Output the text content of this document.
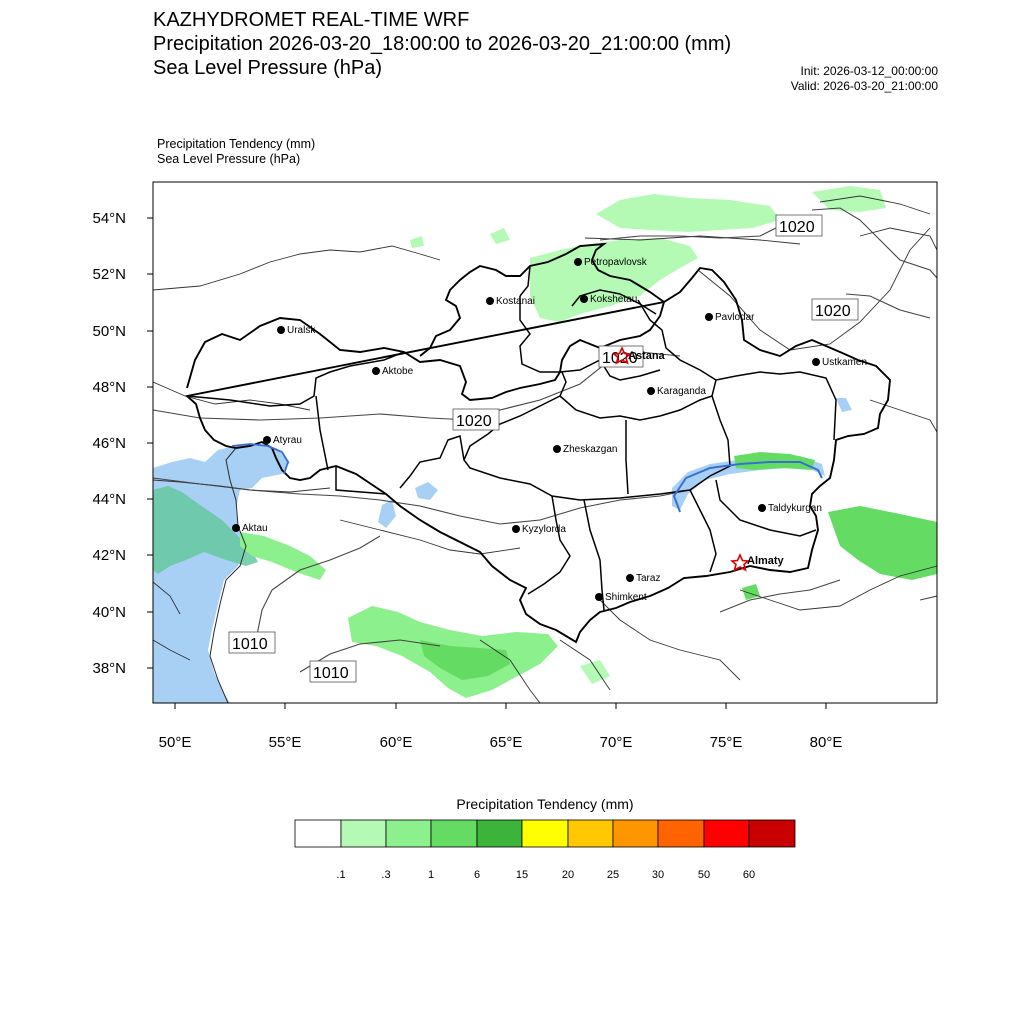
KAZHYDROMET REAL-TIME WRF
Precipitation 2026-03-20_18:00:00 to 2026-03-20_21:00:00 (mm)
Sea Level Pressure (hPa)	Init: 2026-03-12_00:00:00
Valid: 2026-03-20_21:00:00
Precipitation Tendency (mm)
Sea Level Pressure (hPa)
54°N
52°N
50°N
48°N
46°N
44°N
42°N
40°N
38°N
50°E	55°E	60°E	65°E	70°E	75°E	80°E
1020
1020
1020
1020
1010
1010
Petropavlovsk
Kostanai	Kokshetau
Pavlodar
Uralsk
Astana
Ustkamen
Aktobe
Karaganda
Atyrau
Zheskazgan
Taldykurgan
Aktau	Kyzylorda
Almaty
Taraz
Shimkent
.1	.3	1	6	15	20	25	30	50	60
Precipitation Tendency (mm)
